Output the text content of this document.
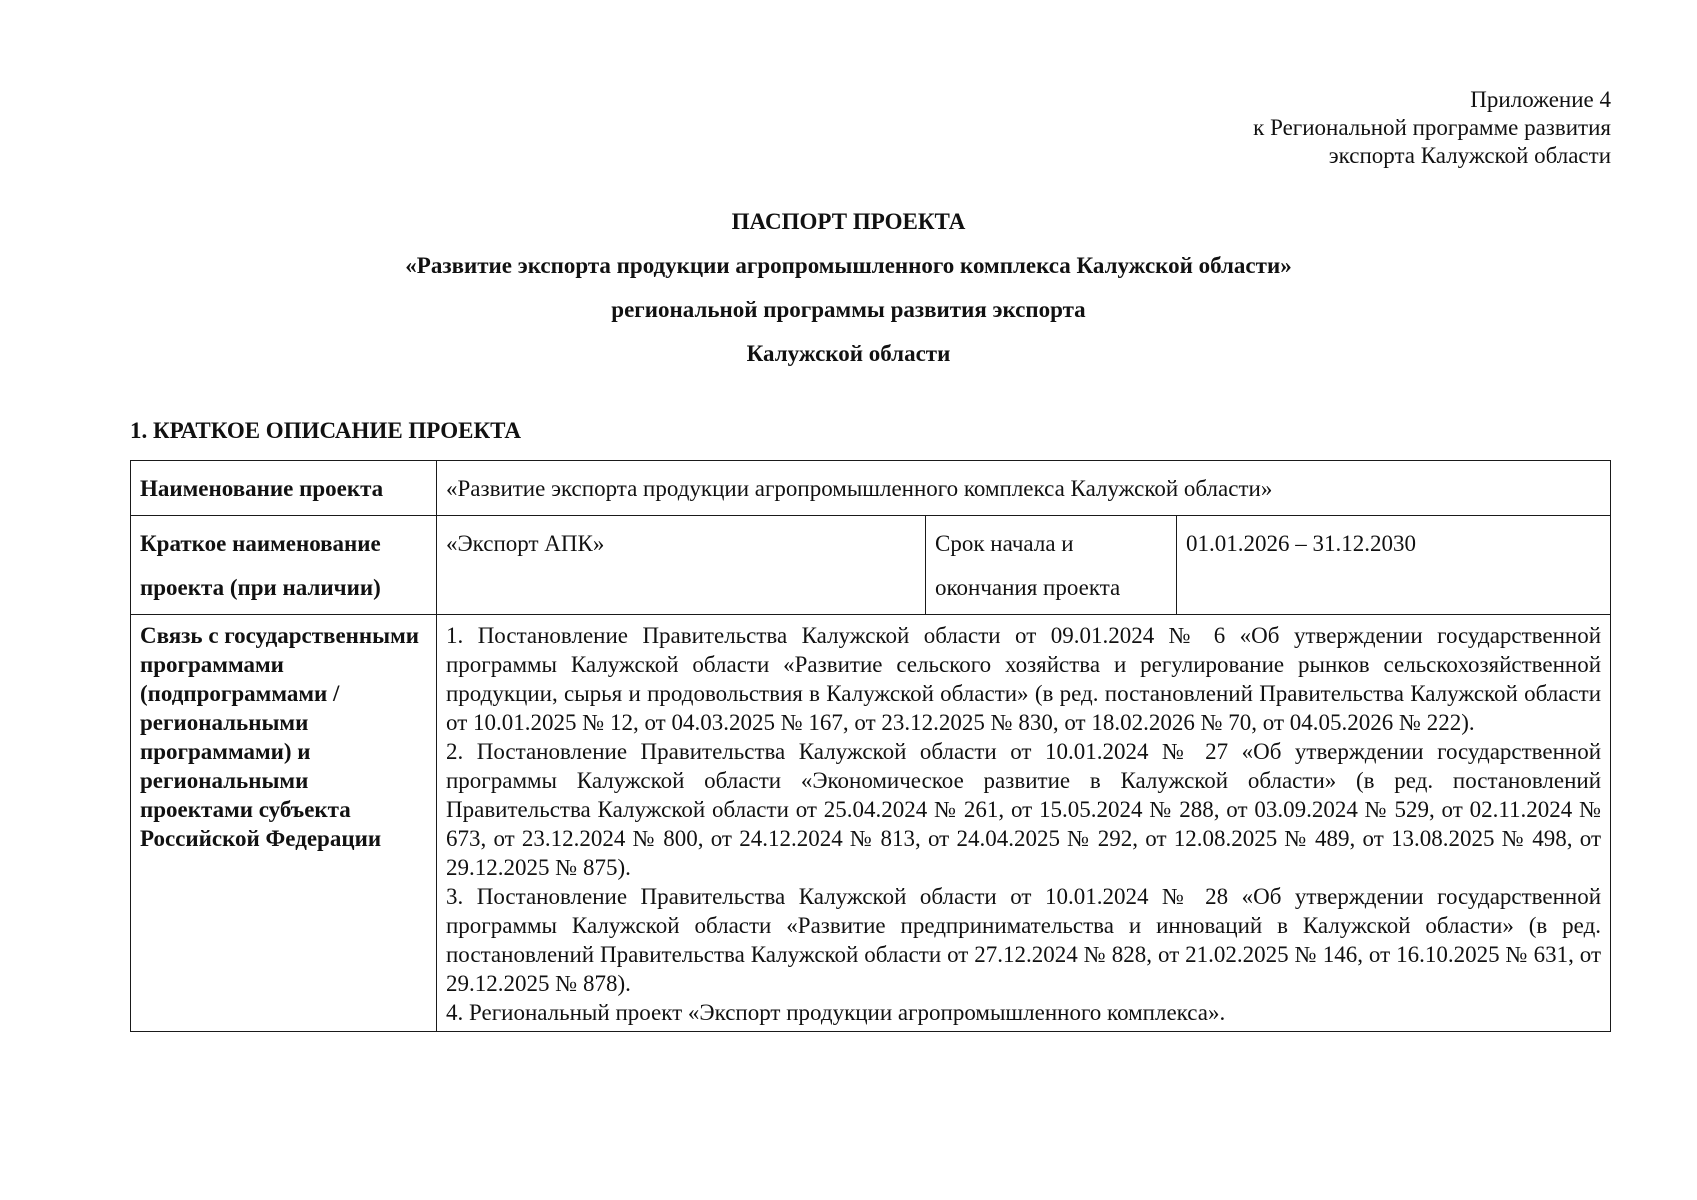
Приложение 4
к Региональной программе развития
экспорта Калужской области
ПАСПОРТ ПРОЕКТА
«Развитие экспорта продукции агропромышленного комплекса Калужской области»
региональной программы развития экспорта
Калужской области
1. КРАТКОЕ ОПИСАНИЕ ПРОЕКТА
Наименование проекта	«Развитие экспорта продукции агропромышленного комплекса Калужской области»		
Краткое наименование проекта (при наличии)	«Экспорт АПК»	Срок начала и окончания проекта	01.01.2026 – 31.12.2030
Связь с государственными программами (подпрограммами / региональными программами) и региональными проектами субъекта Российской Федерации	1. Постановление Правительства Калужской области от 09.01.2024 № 6 «Об утверждении государственной программы Калужской области «Развитие сельского хозяйства и регулирование рынков сельскохозяйственной продукции, сырья и продовольствия в Калужской области» (в ред. постановлений Правительства Калужской области от 10.01.2025 № 12, от 04.03.2025 № 167, от 23.12.2025 № 830, от 18.02.2026 № 70, от 04.05.2026 № 222).

2. Постановление Правительства Калужской области от 10.01.2024 № 27 «Об утверждении государственной программы Калужской области «Экономическое развитие в Калужской области» (в ред. постановлений Правительства Калужской области от 25.04.2024 № 261, от 15.05.2024 № 288, от 03.09.2024 № 529, от 02.11.2024 № 673, от 23.12.2024 № 800, от 24.12.2024 № 813, от 24.04.2025 № 292, от 12.08.2025 № 489, от 13.08.2025 № 498, от 29.12.2025 № 875).

3. Постановление Правительства Калужской области от 10.01.2024 № 28 «Об утверждении государственной программы Калужской области «Развитие предпринимательства и инноваций в Калужской области» (в ред. постановлений Правительства Калужской области от 27.12.2024 № 828, от 21.02.2025 № 146, от 16.10.2025 № 631, от 29.12.2025 № 878).

4. Региональный проект «Экспорт продукции агропромышленного комплекса».		
